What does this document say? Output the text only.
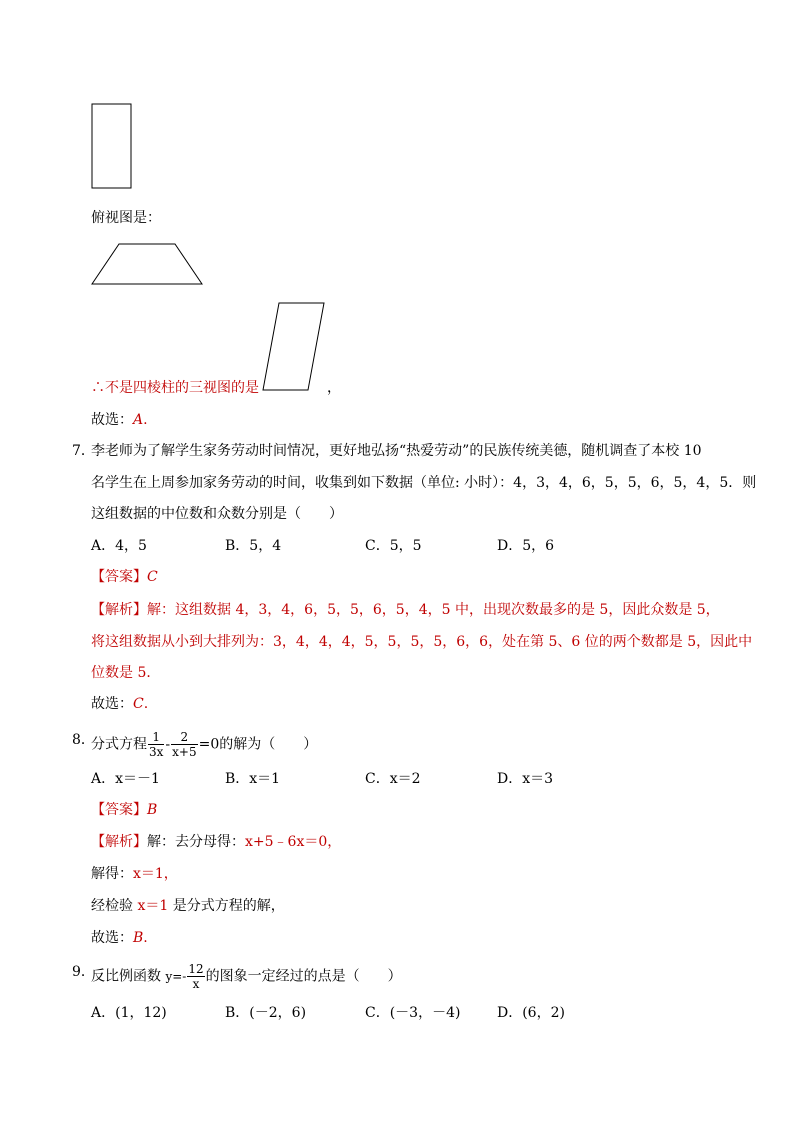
俯视图是：
∴不是四棱柱的三视图的是	，
故选：A.
7．
李老师为了解学生家务劳动时间情况，更好地弘扬“热爱劳动”的民族传统美德，随机调查了本校 10
名学生在上周参加家务劳动的时间，收集到如下数据（单位: 小时）：4，3，4，6，5，5，6，5，4，5．则
这组数据的中位数和众数分别是（　　）
A．4，5	B．5，4	C．5，5	D．5，6
【答案】C
【解析】解：这组数据 4，3，4，6，5，5，6，5，4，5 中，出现次数最多的是 5，因此众数是 5，
将这组数据从小到大排列为：3，4，4，4，5，5，5，5，6，6，处在第 5、6 位的两个数都是 5，因此中
位数是 5．
故选：C.
8．
分式方程 $\frac{1}{3x} - \frac{2}{x+5} =0$的解为（　　）
A．x＝－1	B．x＝1	C．x＝2	D．x＝3
【答案】B
【解析】解：去分母得：x+5﹣6x＝0，
解得：x＝1，
经检验 x＝1 是分式方程的解，
故选：B.
9．
反比例函数 $y=- \frac{12}{x}$ 的图象一定经过的点是（　　）
A．(1，12)	B．(－2，6)	C．(－3，－4)	D．(6，2)
